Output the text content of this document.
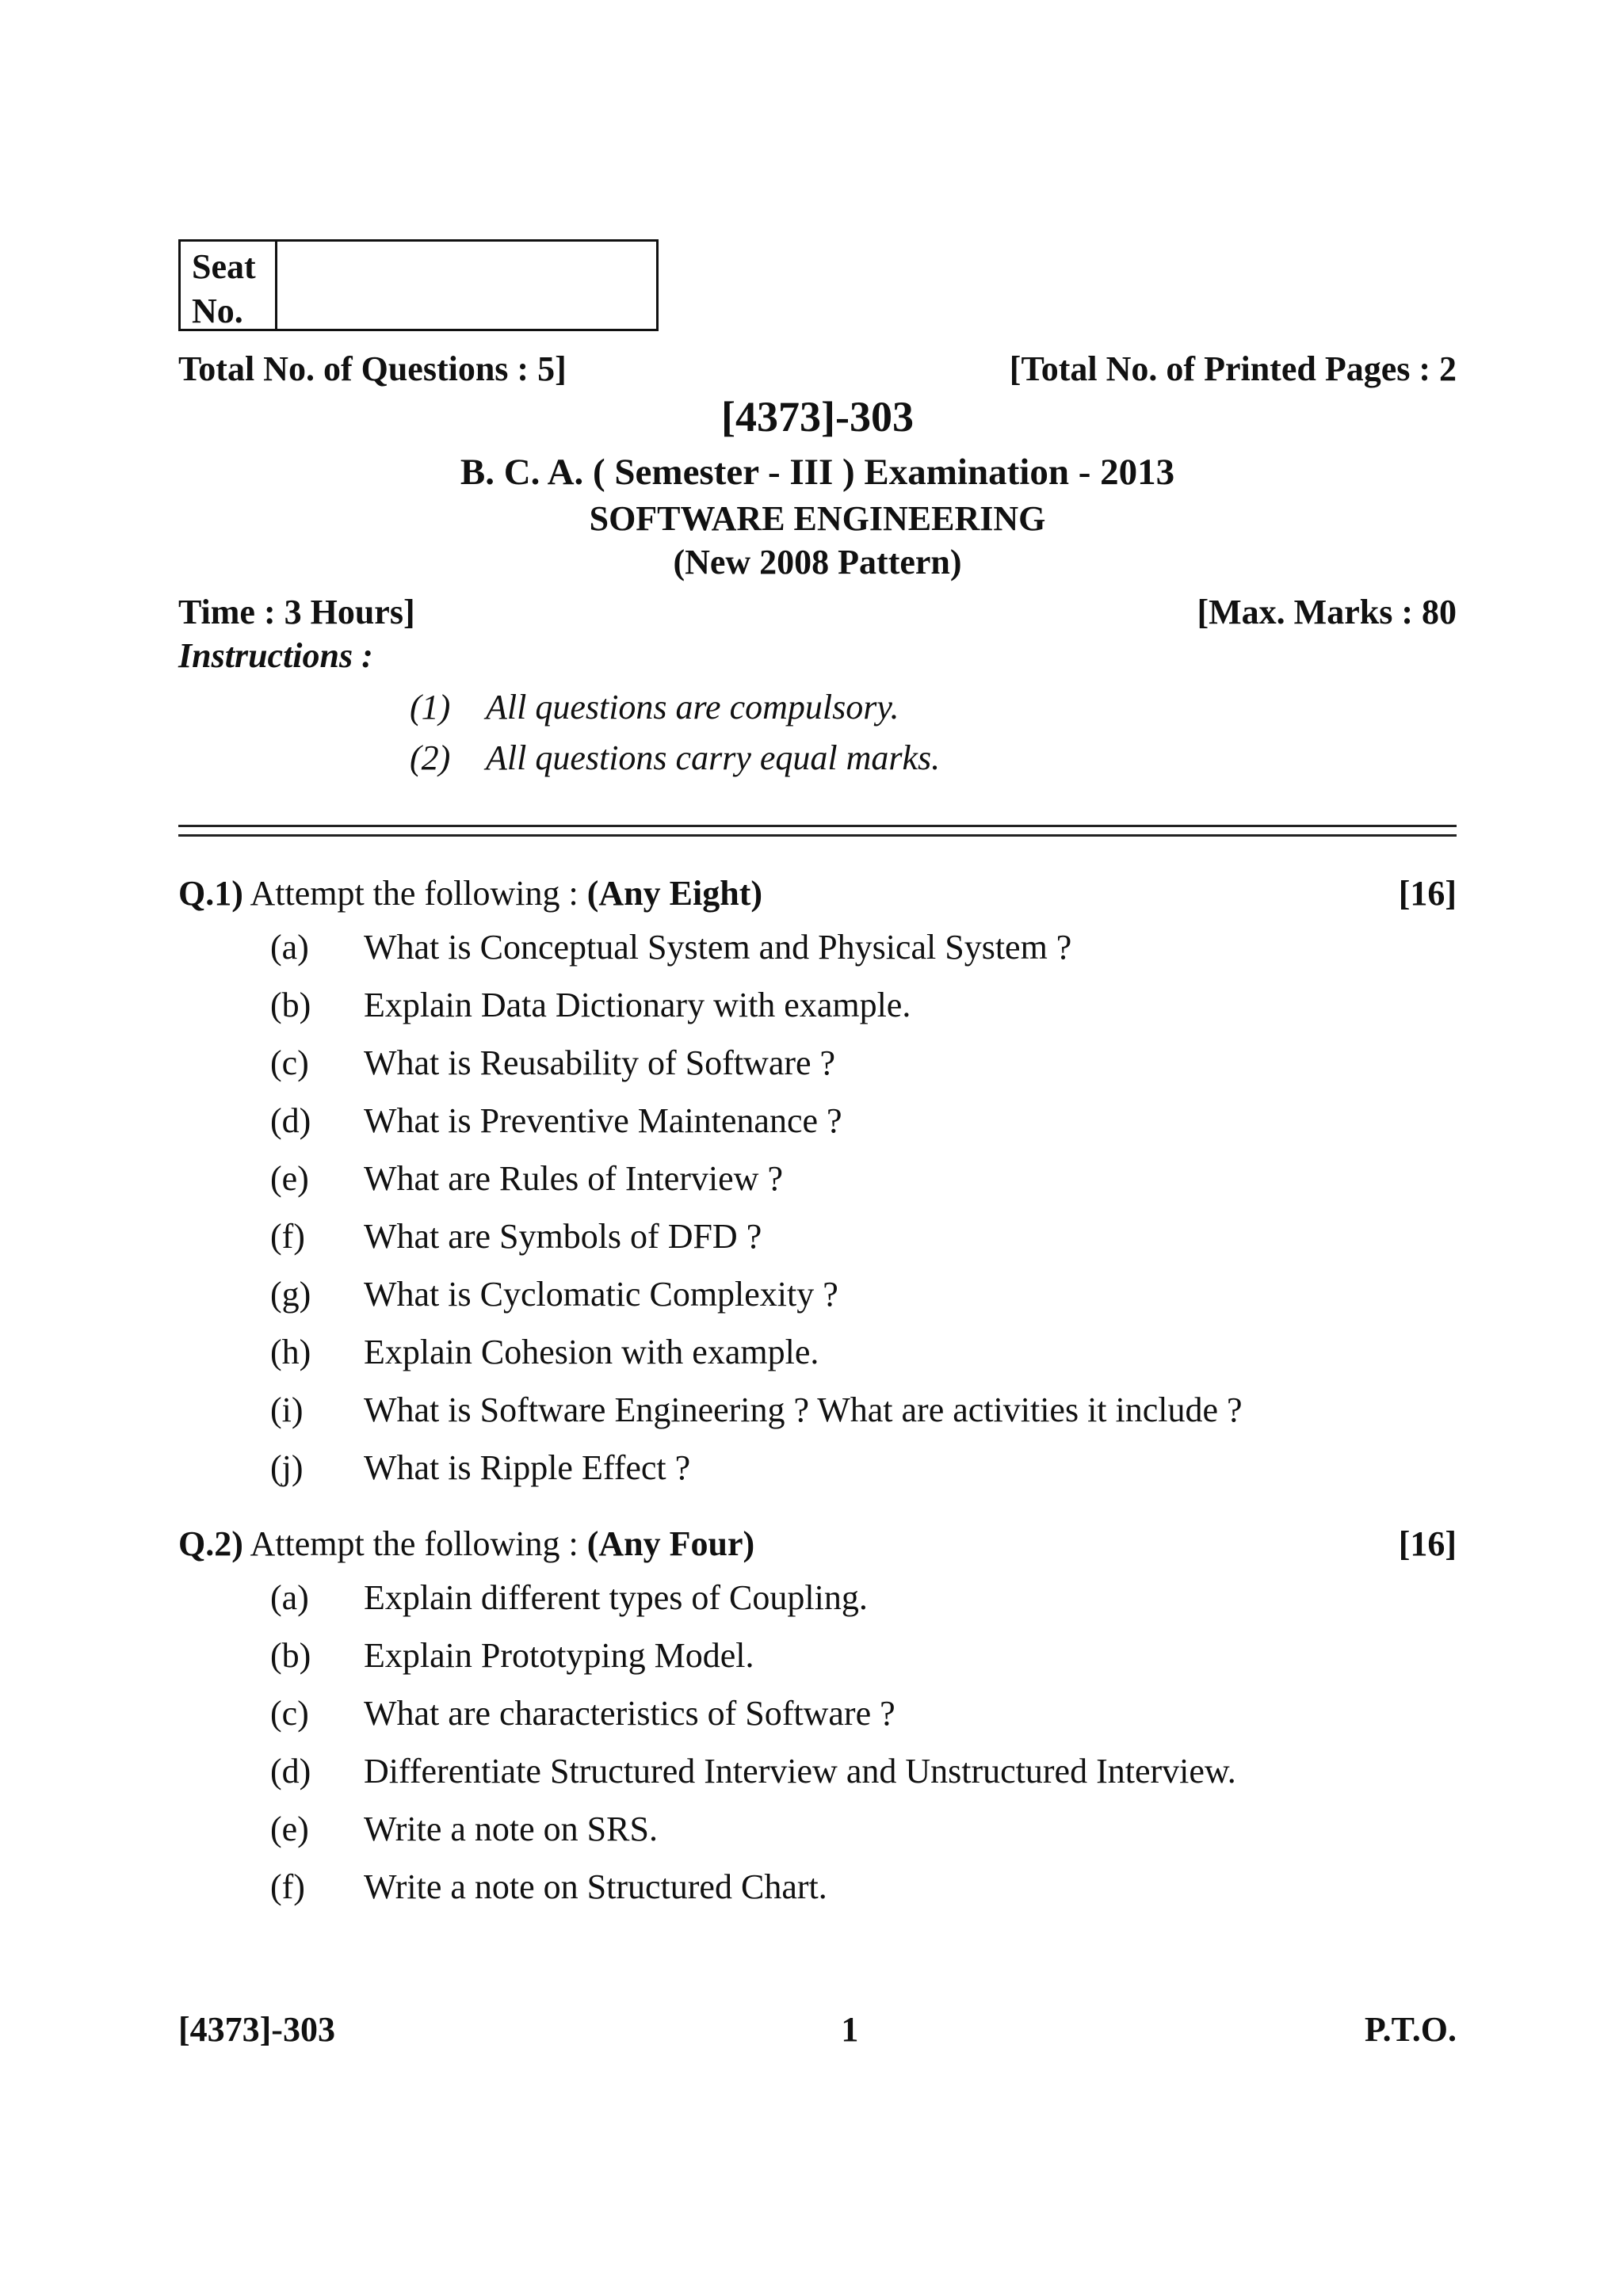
Seat
No.
Total No. of Questions : 5]	[Total No. of Printed Pages : 2
[4373]-303
B. C. A. ( Semester - III ) Examination - 2013
SOFTWARE ENGINEERING
(New 2008 Pattern)
Time : 3 Hours]	[Max. Marks : 80
Instructions :
(1)	All questions are compulsory.
(2)	All questions carry equal marks.
Q.1) Attempt the following : (Any Eight)	[16]
(a)	What is Conceptual System and Physical System ?
(b)	Explain Data Dictionary with example.
(c)	What is Reusability of Software ?
(d)	What is Preventive Maintenance ?
(e)	What are Rules of Interview ?
(f)	What are Symbols of DFD ?
(g)	What is Cyclomatic Complexity ?
(h)	Explain Cohesion with example.
(i)	What is Software Engineering ? What are activities it include ?
(j)	What is Ripple Effect ?
Q.2) Attempt the following : (Any Four)	[16]
(a)	Explain different types of Coupling.
(b)	Explain Prototyping Model.
(c)	What are characteristics of Software ?
(d)	Differentiate Structured Interview and Unstructured Interview.
(e)	Write a note on SRS.
(f)	Write a note on Structured Chart.
[4373]-303	1	P.T.O.
